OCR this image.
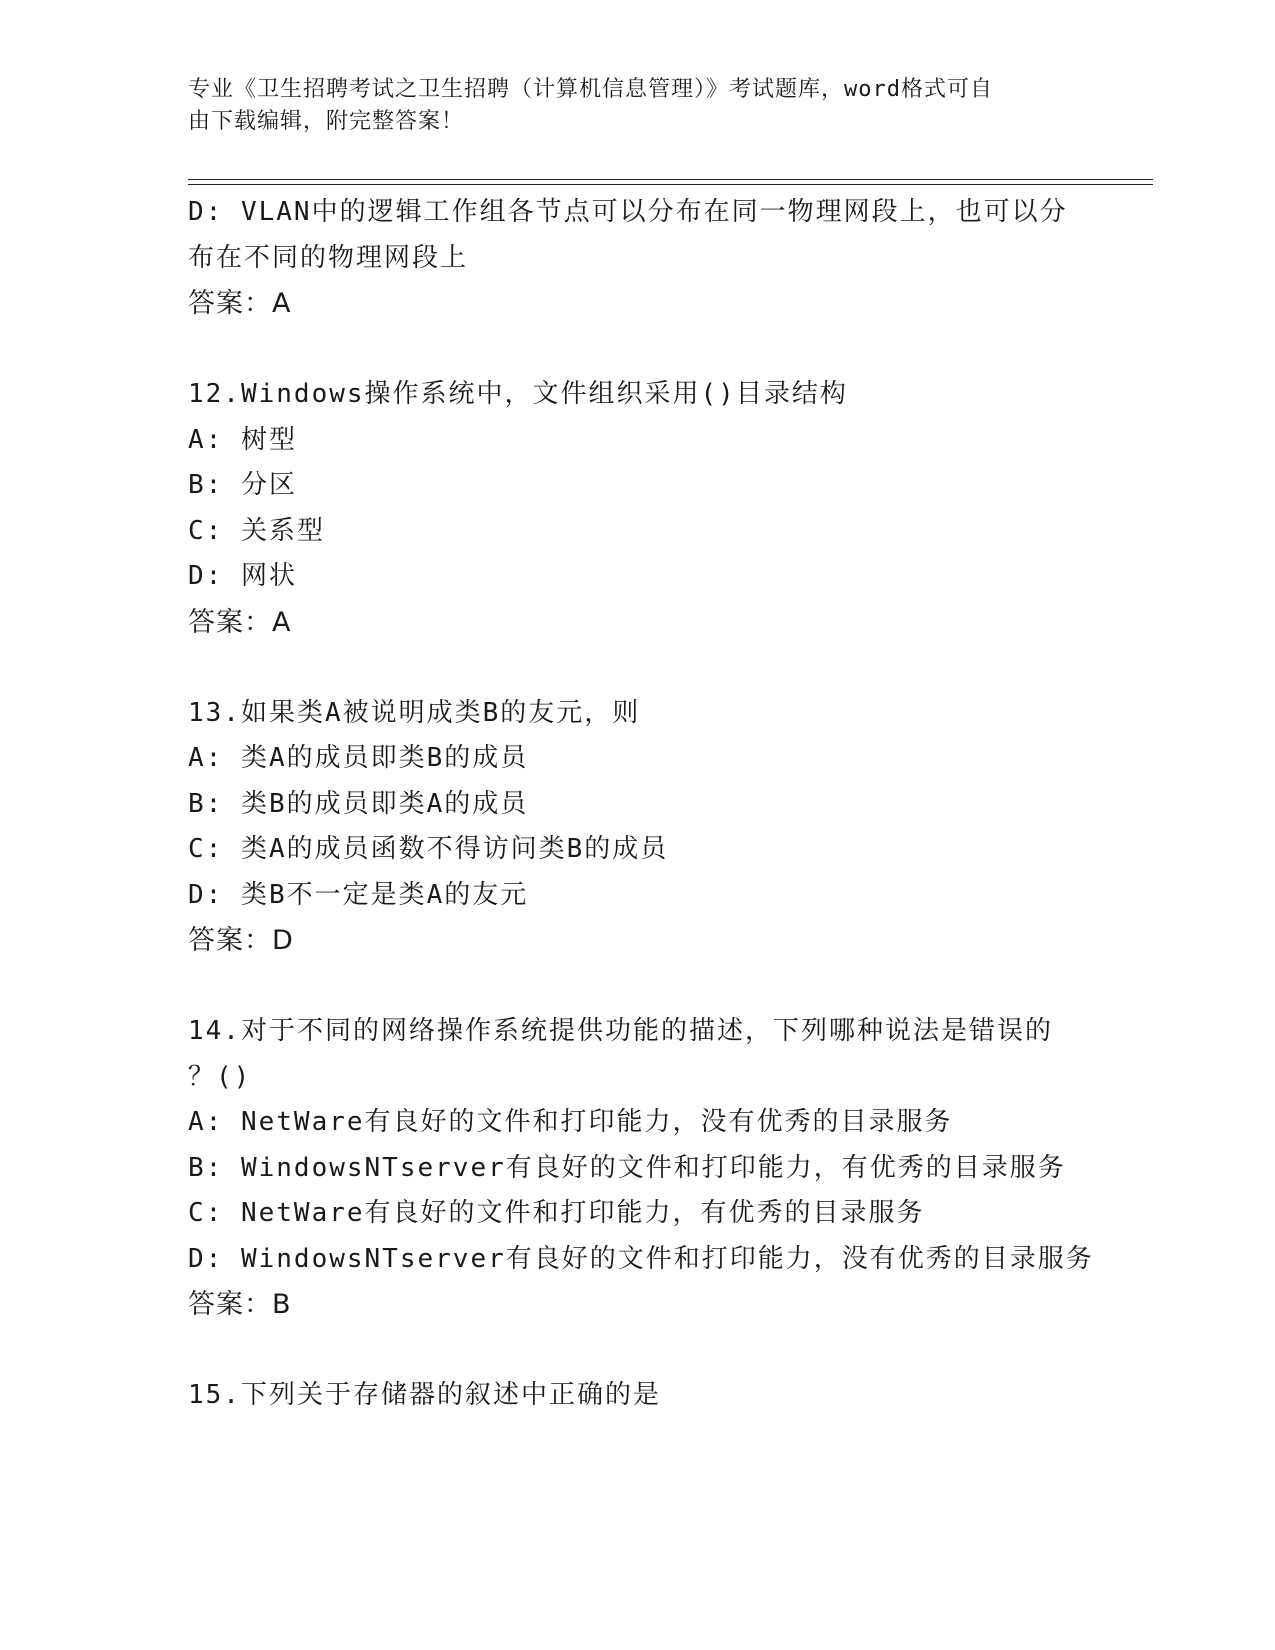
专业《卫生招聘考试之卫生招聘（计算机信息管理）》考试题库，word格式可自
由下载编辑，附完整答案！
D: VLAN中的逻辑工作组各节点可以分布在同一物理网段上，也可以分
布在不同的物理网段上
答案：A
12.Windows操作系统中，文件组织采用()目录结构
A: 树型
B: 分区
C: 关系型
D: 网状
答案：A
13.如果类A被说明成类B的友元，则
A: 类A的成员即类B的成员
B: 类B的成员即类A的成员
C: 类A的成员函数不得访问类B的成员
D: 类B不一定是类A的友元
答案：D
14.对于不同的网络操作系统提供功能的描述，下列哪种说法是错误的
？()
A: NetWare有良好的文件和打印能力，没有优秀的目录服务
B: WindowsNTserver有良好的文件和打印能力，有优秀的目录服务
C: NetWare有良好的文件和打印能力，有优秀的目录服务
D: WindowsNTserver有良好的文件和打印能力，没有优秀的目录服务
答案：B
15.下列关于存储器的叙述中正确的是
